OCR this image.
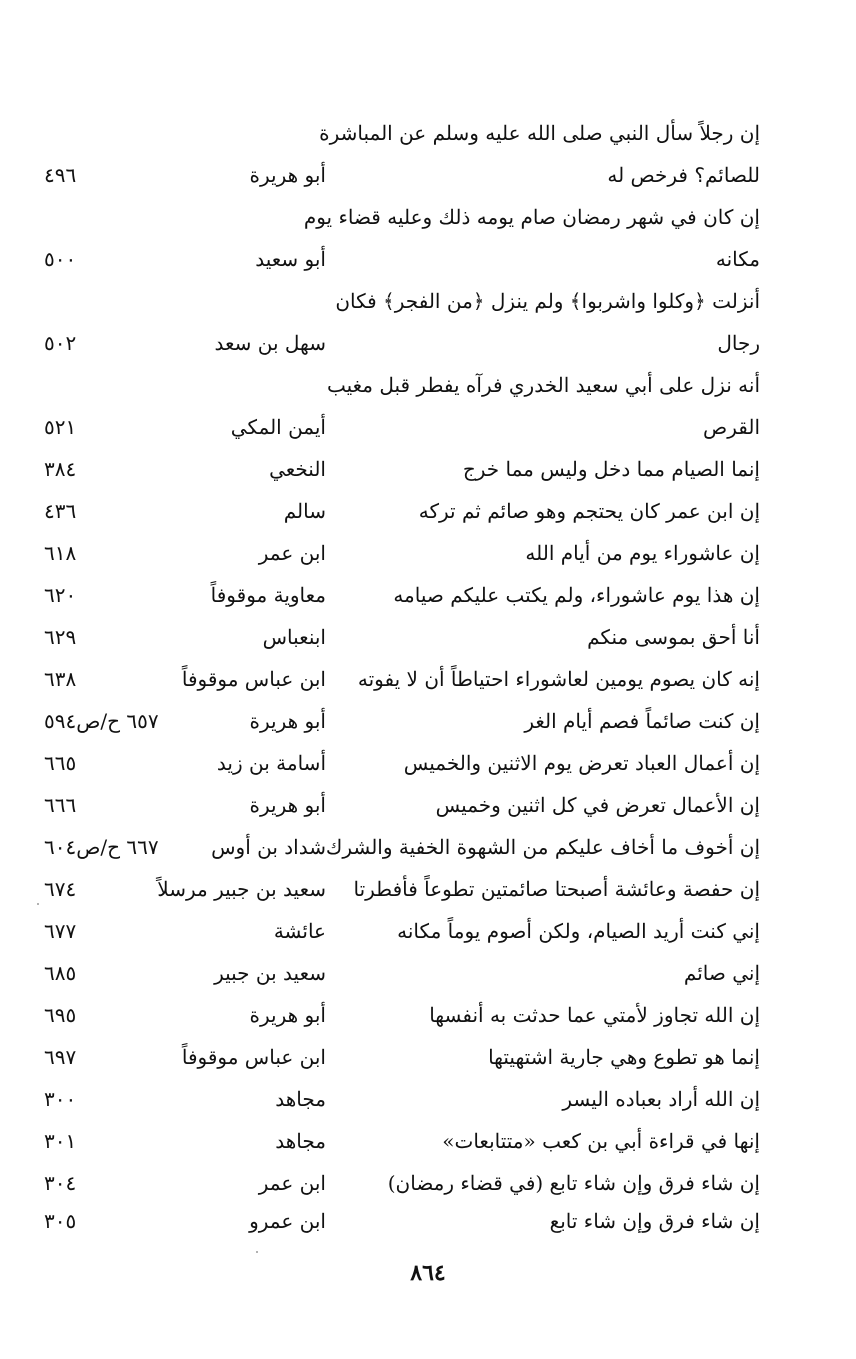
إن رجلاً سأل النبي صلى الله عليه وسلم عن المباشرة
للصائم؟ فرخص له
أبو هريرة
٤٩٦
إن كان في شهر رمضان صام يومه ذلك وعليه قضاء يوم
مكانه
أبو سعيد
٥٠٠
أنزلت ﴿وكلوا واشربوا﴾ ولم ينزل ﴿من الفجر﴾ فكان
رجال
سهل بن سعد
٥٠٢
أنه نزل على أبي سعيد الخدري فرآه يفطر قبل مغيب
القرص
أيمن المكي
٥٢١
إنما الصيام مما دخل وليس مما خرج
النخعي
٣٨٤
إن ابن عمر كان يحتجم وهو صائم ثم تركه
سالم
٤٣٦
إن عاشوراء يوم من أيام الله
ابن عمر
٦١٨
إن هذا يوم عاشوراء، ولم يكتب عليكم صيامه
معاوية موقوفاً
٦٢٠
أنا أحق بموسى منكم
ابنعباس
٦٢٩
إنه كان يصوم يومين لعاشوراء احتياطاً أن لا يفوته
ابن عباس موقوفاً
٦٣٨
إن كنت صائماً فصم أيام الغر
أبو هريرة
٦٥٧ ح/ص٥٩٤
إن أعمال العباد تعرض يوم الاثنين والخميس
أسامة بن زيد
٦٦٥
إن الأعمال تعرض في كل اثنين وخميس
أبو هريرة
٦٦٦
إن أخوف ما أخاف عليكم من الشهوة الخفية والشرك
شداد بن أوس
٦٦٧ ح/ص٦٠٤
إن حفصة وعائشة أصبحتا صائمتين تطوعاً فأفطرتا
سعيد بن جبير مرسلاً
٦٧٤
إني كنت أريد الصيام، ولكن أصوم يوماً مكانه
عائشة
٦٧٧
إني صائم
سعيد بن جبير
٦٨٥
إن الله تجاوز لأمتي عما حدثت به أنفسها
أبو هريرة
٦٩٥
إنما هو تطوع وهي جارية اشتهيتها
ابن عباس موقوفاً
٦٩٧
إن الله أراد بعباده اليسر
مجاهد
٣٠٠
إنها في قراءة أبي بن كعب «متتابعات»
مجاهد
٣٠١
إن شاء فرق وإن شاء تابع (في قضاء رمضان)
ابن عمر
٣٠٤
إن شاء فرق وإن شاء تابع
ابن عمرو
٣٠٥
٨٦٤
